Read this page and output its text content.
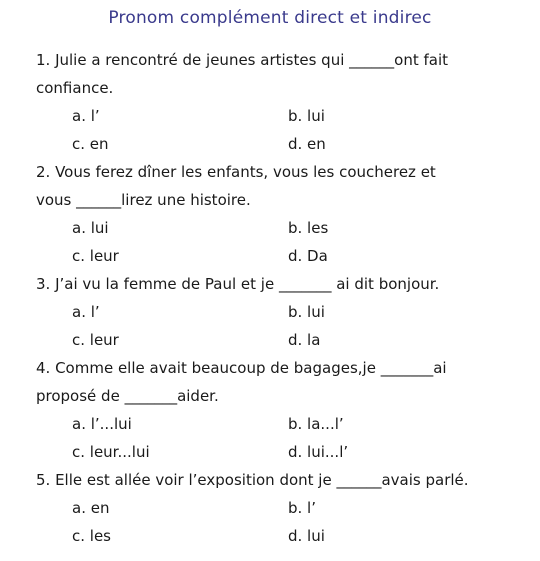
Pronom complément direct et indirec
1. Julie a rencontré de jeunes artistes qui ______ont fait
confiance.
a. l’	b. lui
c. en	d. en
2. Vous ferez dîner les enfants, vous les coucherez et
vous ______lirez une histoire.
a. lui	b. les
c. leur	d. Da
3. J’ai vu la femme de Paul et je _______ ai dit bonjour.
a. l’	b. lui
c. leur	d. la
4. Comme elle avait beaucoup de bagages,je _______ai
proposé de _______aider.
a. l’...lui	b. la...l’
c. leur...lui	d. lui...l’
5. Elle est allée voir l’exposition dont je ______avais parlé.
a. en	b. l’
c. les	d. lui
